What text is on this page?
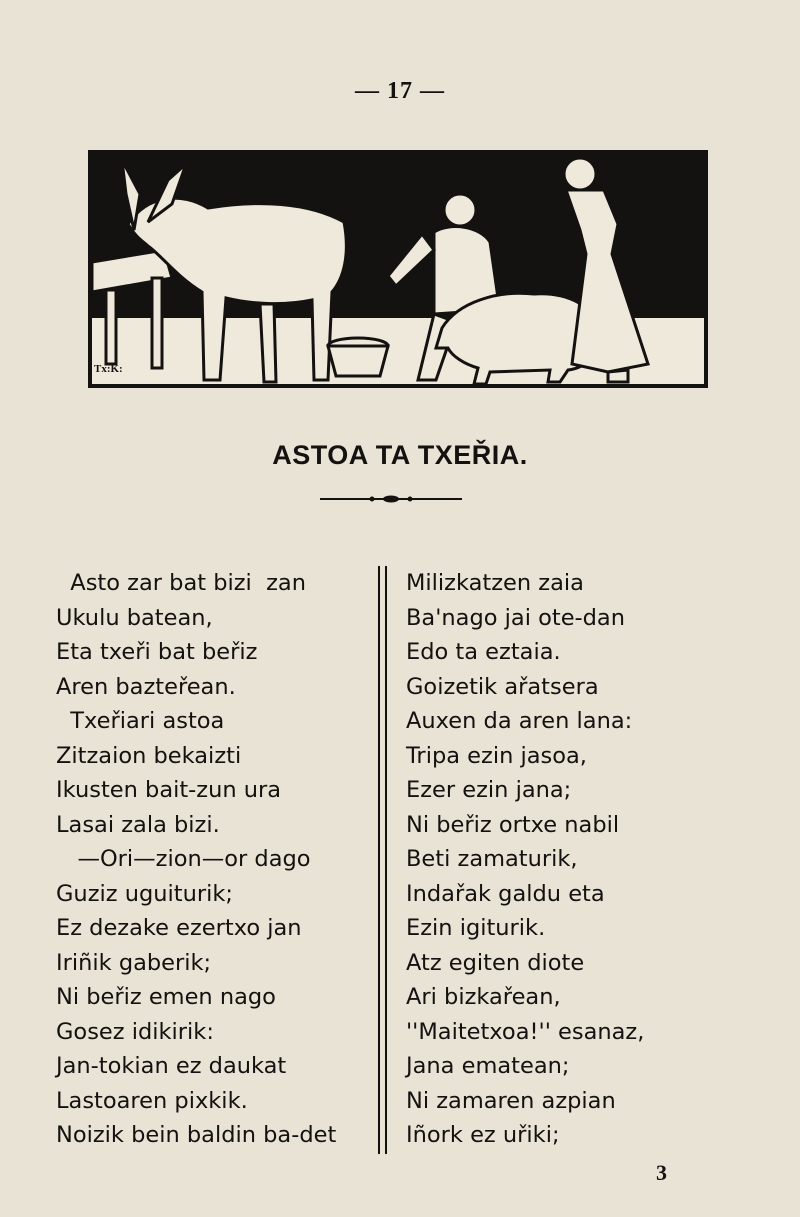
— 17 —
Tx:K:
ASTOA TA TXEŘIA.
Asto zar bat bizi  zan
Ukulu batean,
Eta txeři bat beřiz
Aren bazteřean.
Txeřiari astoa
Zitzaion bekaizti
Ikusten bait-zun ura
Lasai zala bizi.
—Ori—zion—or dago
Guziz uguiturik;
Ez dezake ezertxo jan
Iriñik gaberik;
Ni beřiz emen nago
Gosez idikirik:
Jan-tokian ez daukat
Lastoaren pixkik.
Noizik bein baldin ba-det
Milizkatzen zaia
Ba'nago jai ote-dan
Edo ta eztaia.
Goizetik ařatsera
Auxen da aren lana:
Tripa ezin jasoa,
Ezer ezin jana;
Ni beřiz ortxe nabil
Beti zamaturik,
Indařak galdu eta
Ezin igiturik.
Atz egiten diote
Ari bizkařean,
''Maitetxoa!'' esanaz,
Jana ematean;
Ni zamaren azpian
Iñork ez uřiki;
3
